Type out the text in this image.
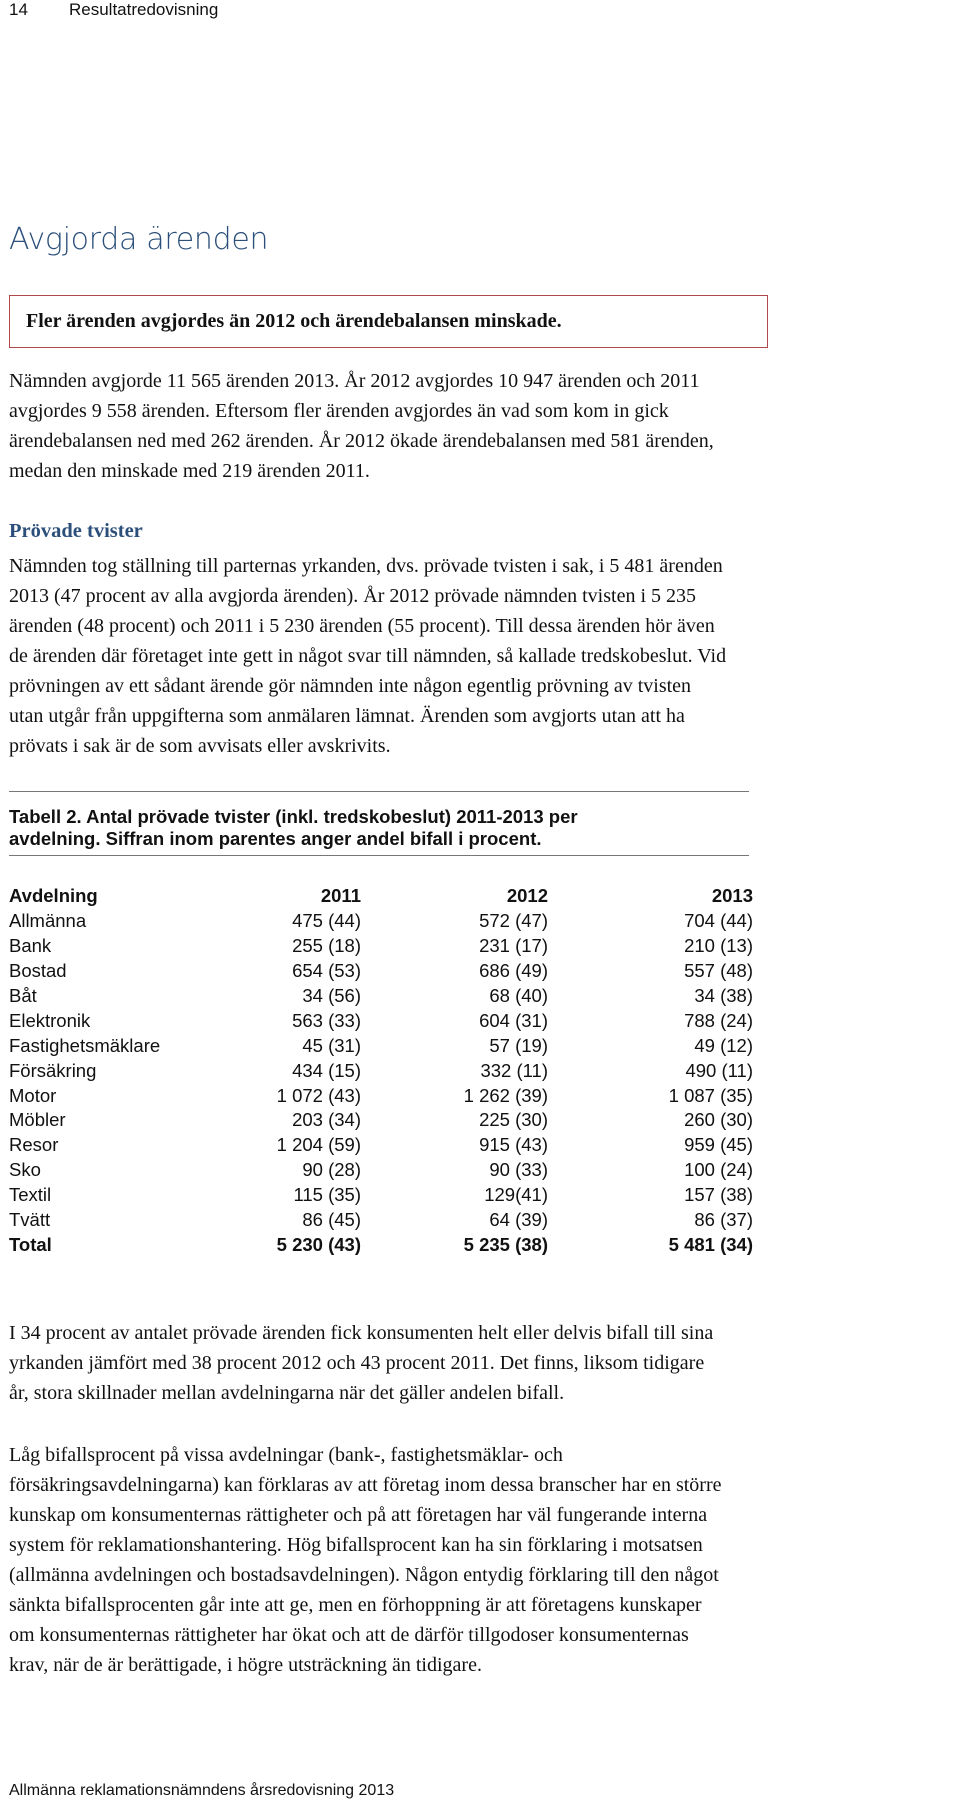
14 Resultatredovisning
Avgjorda ärenden
Fler ärenden avgjordes än 2012 och ärendebalansen minskade.

Nämnden avgjorde 11 565 ärenden 2013. År 2012 avgjordes 10 947 ärenden och 2011
avgjordes 9 558 ärenden. Eftersom fler ärenden avgjordes än vad som kom in gick
ärendebalansen ned med 262 ärenden. År 2012 ökade ärendebalansen med 581 ärenden,
medan den minskade med 219 ärenden 2011.

Prövade tvister

Nämnden tog ställning till parternas yrkanden, dvs. prövade tvisten i sak, i 5 481 ärenden
2013 (47 procent av alla avgjorda ärenden). År 2012 prövade nämnden tvisten i 5 235
ärenden (48 procent) och 2011 i 5 230 ärenden (55 procent). Till dessa ärenden hör även
de ärenden där företaget inte gett in något svar till nämnden, så kallade tredskobeslut. Vid
prövningen av ett sådant ärende gör nämnden inte någon egentlig prövning av tvisten
utan utgår från uppgifterna som anmälaren lämnat. Ärenden som avgjorts utan att ha
prövats i sak är de som avvisats eller avskrivits.

Tabell 2. Antal prövade tvister (inkl. tredskobeslut) 2011-2013 per
avdelning. Siffran inom parentes anger andel bifall i procent.

Avdelning	2011	2012	2013
Allmänna	475 (44)	572 (47)	704 (44)
Bank	255 (18)	231 (17)	210 (13)
Bostad	654 (53)	686 (49)	557 (48)
Båt	34 (56)	68 (40)	34 (38)
Elektronik	563 (33)	604 (31)	788 (24)
Fastighetsmäklare	45 (31)	57 (19)	49 (12)
Försäkring	434 (15)	332 (11)	490 (11)
Motor	1 072 (43)	1 262 (39)	1 087 (35)
Möbler	203 (34)	225 (30)	260 (30)
Resor	1 204 (59)	915 (43)	959 (45)
Sko	90 (28)	90 (33)	100 (24)
Textil	115 (35)	129(41)	157 (38)
Tvätt	86 (45)	64 (39)	86 (37)
Total	5 230 (43)	5 235 (38)	5 481 (34)

I 34 procent av antalet prövade ärenden fick konsumenten helt eller delvis bifall till sina
yrkanden jämfört med 38 procent 2012 och 43 procent 2011. Det finns, liksom tidigare
år, stora skillnader mellan avdelningarna när det gäller andelen bifall.

Låg bifallsprocent på vissa avdelningar (bank-, fastighetsmäklar- och
försäkringsavdelningarna) kan förklaras av att företag inom dessa branscher har en större
kunskap om konsumenternas rättigheter och på att företagen har väl fungerande interna
system för reklamationshantering. Hög bifallsprocent kan ha sin förklaring i motsatsen
(allmänna avdelningen och bostadsavdelningen). Någon entydig förklaring till den något
sänkta bifallsprocenten går inte att ge, men en förhoppning är att företagens kunskaper
om konsumenternas rättigheter har ökat och att de därför tillgodoser konsumenternas
krav, när de är berättigade, i högre utsträckning än tidigare.

Allmänna reklamationsnämndens årsredovisning 2013
